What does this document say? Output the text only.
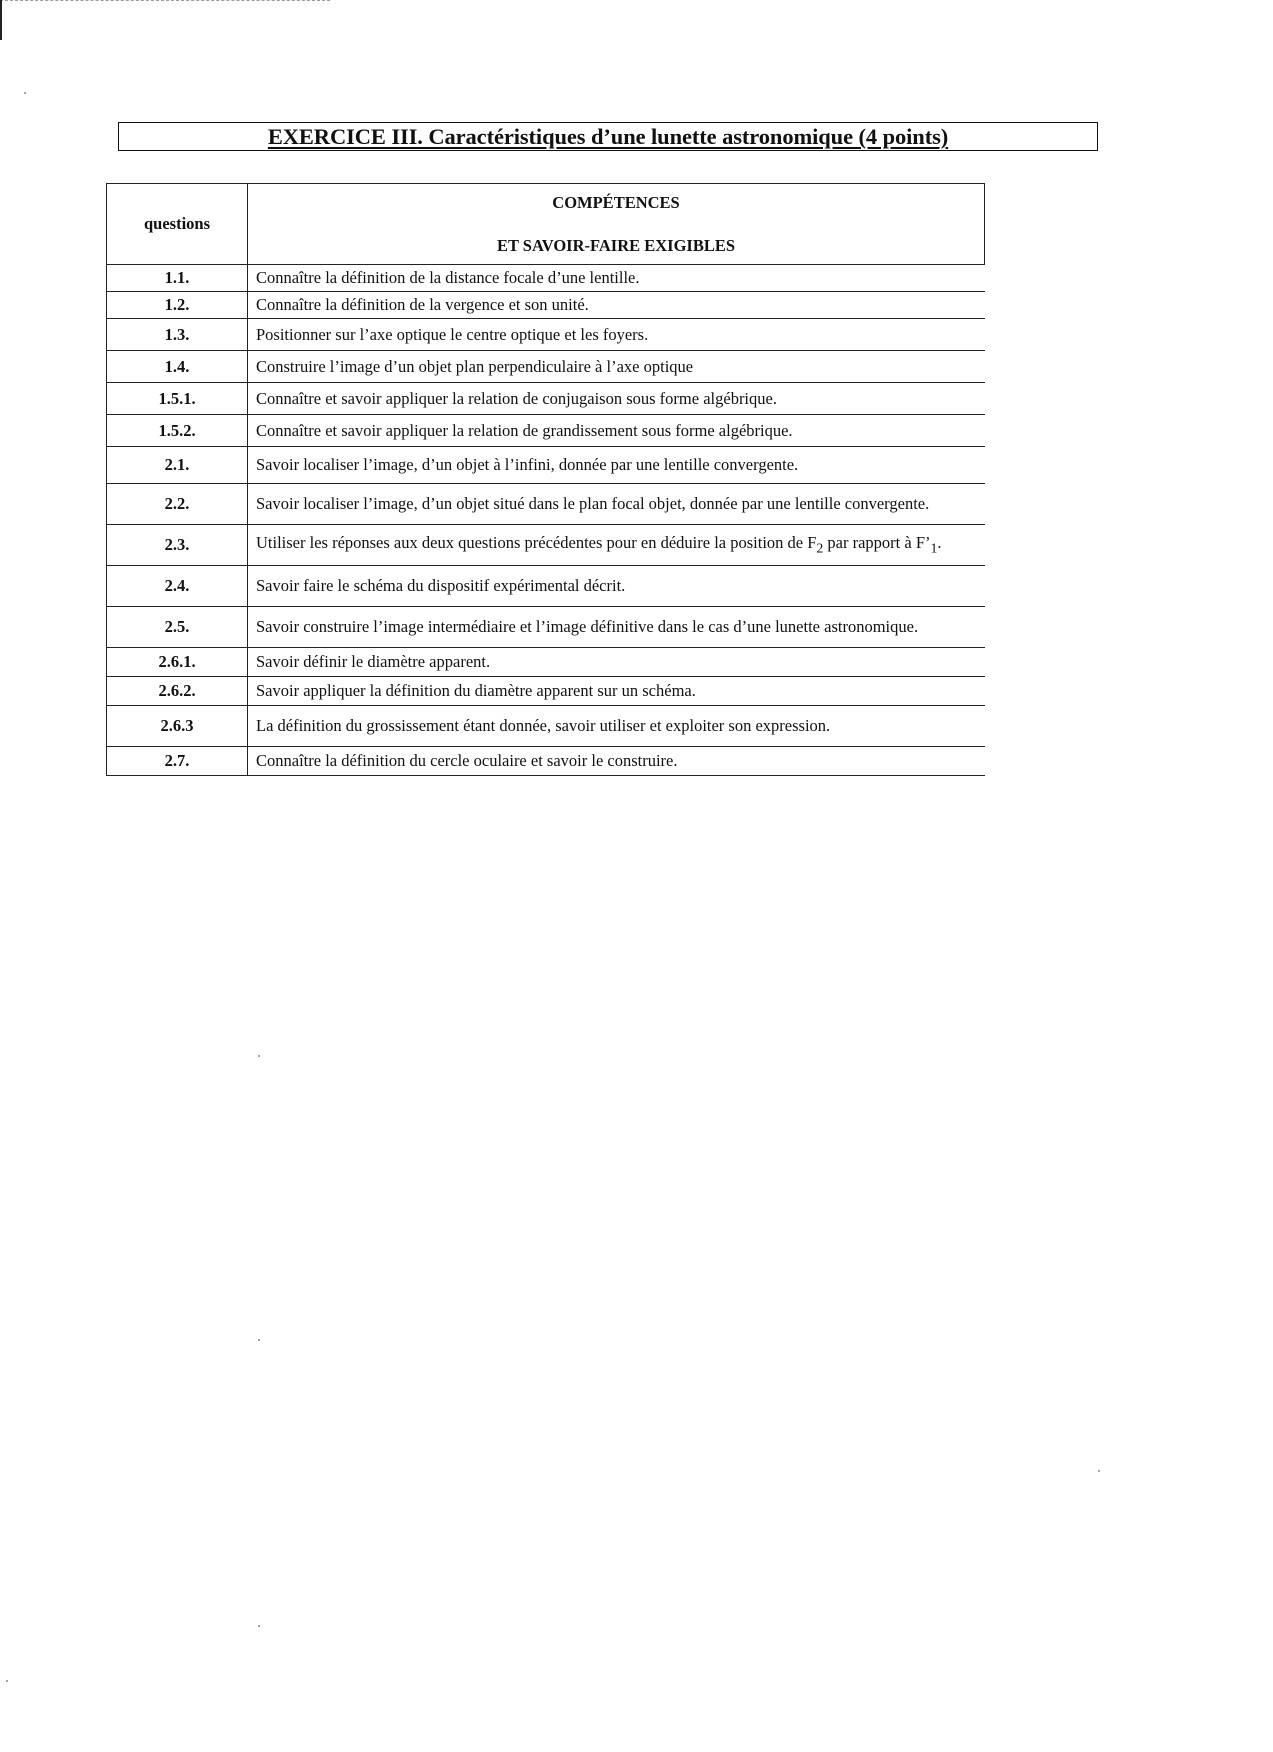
EXERCICE III. Caractéristiques d’une lunette astronomique (4 points)
questions	COMPÉTENCES
ET SAVOIR-FAIRE EXIGIBLES

1.1.	Connaître la définition de la distance focale d’une lentille.
1.2.	Connaître la définition de la vergence et son unité.
1.3.	Positionner sur l’axe optique le centre optique et les foyers.
1.4.	Construire l’image d’un objet plan perpendiculaire à l’axe optique
1.5.1.	Connaître et savoir appliquer la relation de conjugaison sous forme algébrique.
1.5.2.	Connaître et savoir appliquer la relation de grandissement sous forme algébrique.
2.1.	Savoir localiser l’image, d’un objet à l’infini, donnée par une lentille convergente.
2.2.	Savoir localiser l’image, d’un objet situé dans le plan focal objet, donnée par une lentille convergente.
2.3.	Utiliser les réponses aux deux questions précédentes pour en déduire la position de $F_2$ par rapport à $F’_1$.
2.4.	Savoir faire le schéma du dispositif expérimental décrit.
2.5.	Savoir construire l’image intermédiaire et l’image définitive dans le cas d’une lunette astronomique.
2.6.1.	Savoir définir le diamètre apparent.
2.6.2.	Savoir appliquer la définition du diamètre apparent sur un schéma.
2.6.3	La définition du grossissement étant donnée, savoir utiliser et exploiter son expression.
2.7.	Connaître la définition du cercle oculaire et savoir le construire.
